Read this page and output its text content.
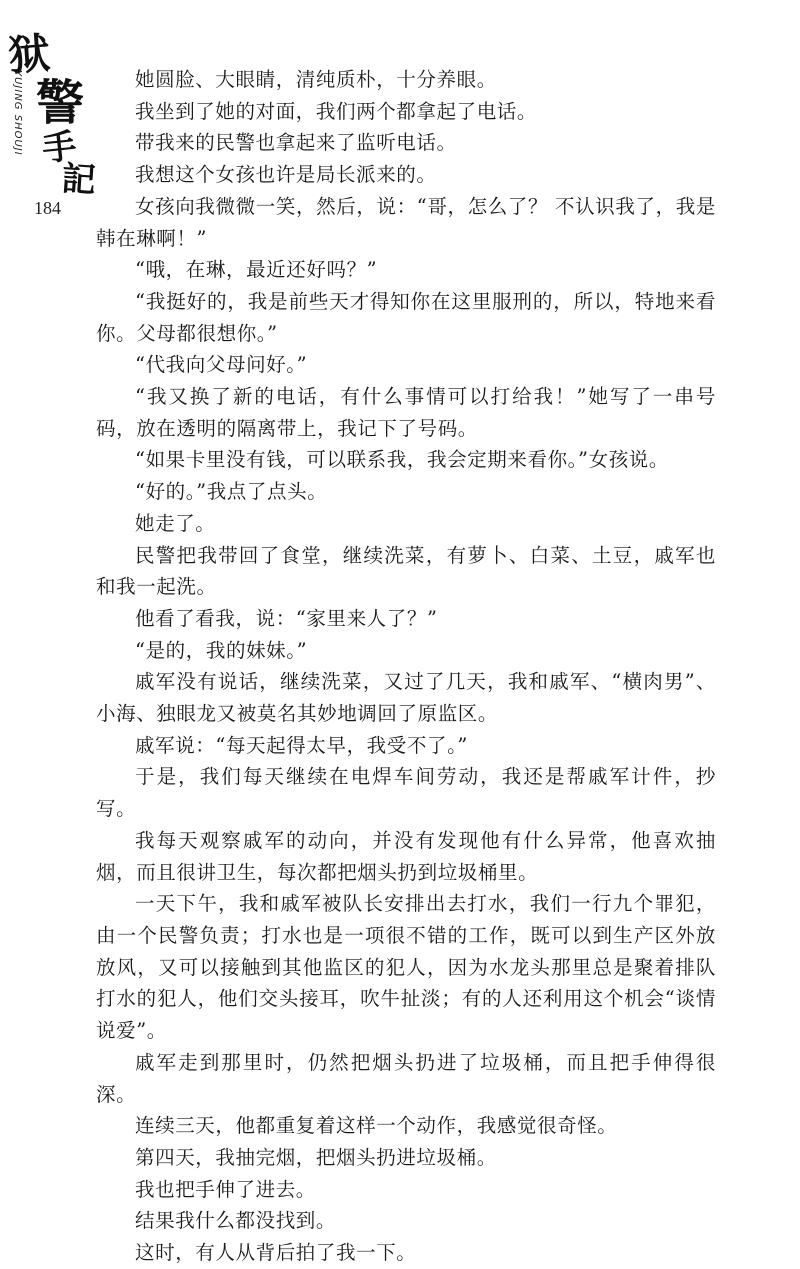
狱
警
手
記
YUJING SHOUJI
184

她圆脸、大眼睛，清纯质朴，十分养眼。

我坐到了她的对面，我们两个都拿起了电话。

带我来的民警也拿起来了监听电话。

我想这个女孩也许是局长派来的。

女孩向我微微一笑，然后，说：“哥，怎么了？ 不认识我了，我是韩在琳啊！”

“哦，在琳，最近还好吗？”

“我挺好的，我是前些天才得知你在这里服刑的，所以，特地来看你。父母都很想你。”

“代我向父母问好。”

“我又换了新的电话，有什么事情可以打给我！”她写了一串号码，放在透明的隔离带上，我记下了号码。

“如果卡里没有钱，可以联系我，我会定期来看你。”女孩说。

“好的。”我点了点头。

她走了。

民警把我带回了食堂，继续洗菜，有萝卜、白菜、土豆，戚军也和我一起洗。

他看了看我，说：“家里来人了？”

“是的，我的妹妹。”

戚军没有说话，继续洗菜，又过了几天，我和戚军、“横肉男”、小海、独眼龙又被莫名其妙地调回了原监区。

戚军说：“每天起得太早，我受不了。”

于是，我们每天继续在电焊车间劳动，我还是帮戚军计件，抄写。

我每天观察戚军的动向，并没有发现他有什么异常，他喜欢抽烟，而且很讲卫生，每次都把烟头扔到垃圾桶里。

一天下午，我和戚军被队长安排出去打水，我们一行九个罪犯，由一个民警负责；打水也是一项很不错的工作，既可以到生产区外放放风，又可以接触到其他监区的犯人，因为水龙头那里总是聚着排队打水的犯人，他们交头接耳，吹牛扯淡；有的人还利用这个机会“谈情说爱”。

戚军走到那里时，仍然把烟头扔进了垃圾桶，而且把手伸得很深。

连续三天，他都重复着这样一个动作，我感觉很奇怪。

第四天，我抽完烟，把烟头扔进垃圾桶。

我也把手伸了进去。

结果我什么都没找到。

这时，有人从背后拍了我一下。
